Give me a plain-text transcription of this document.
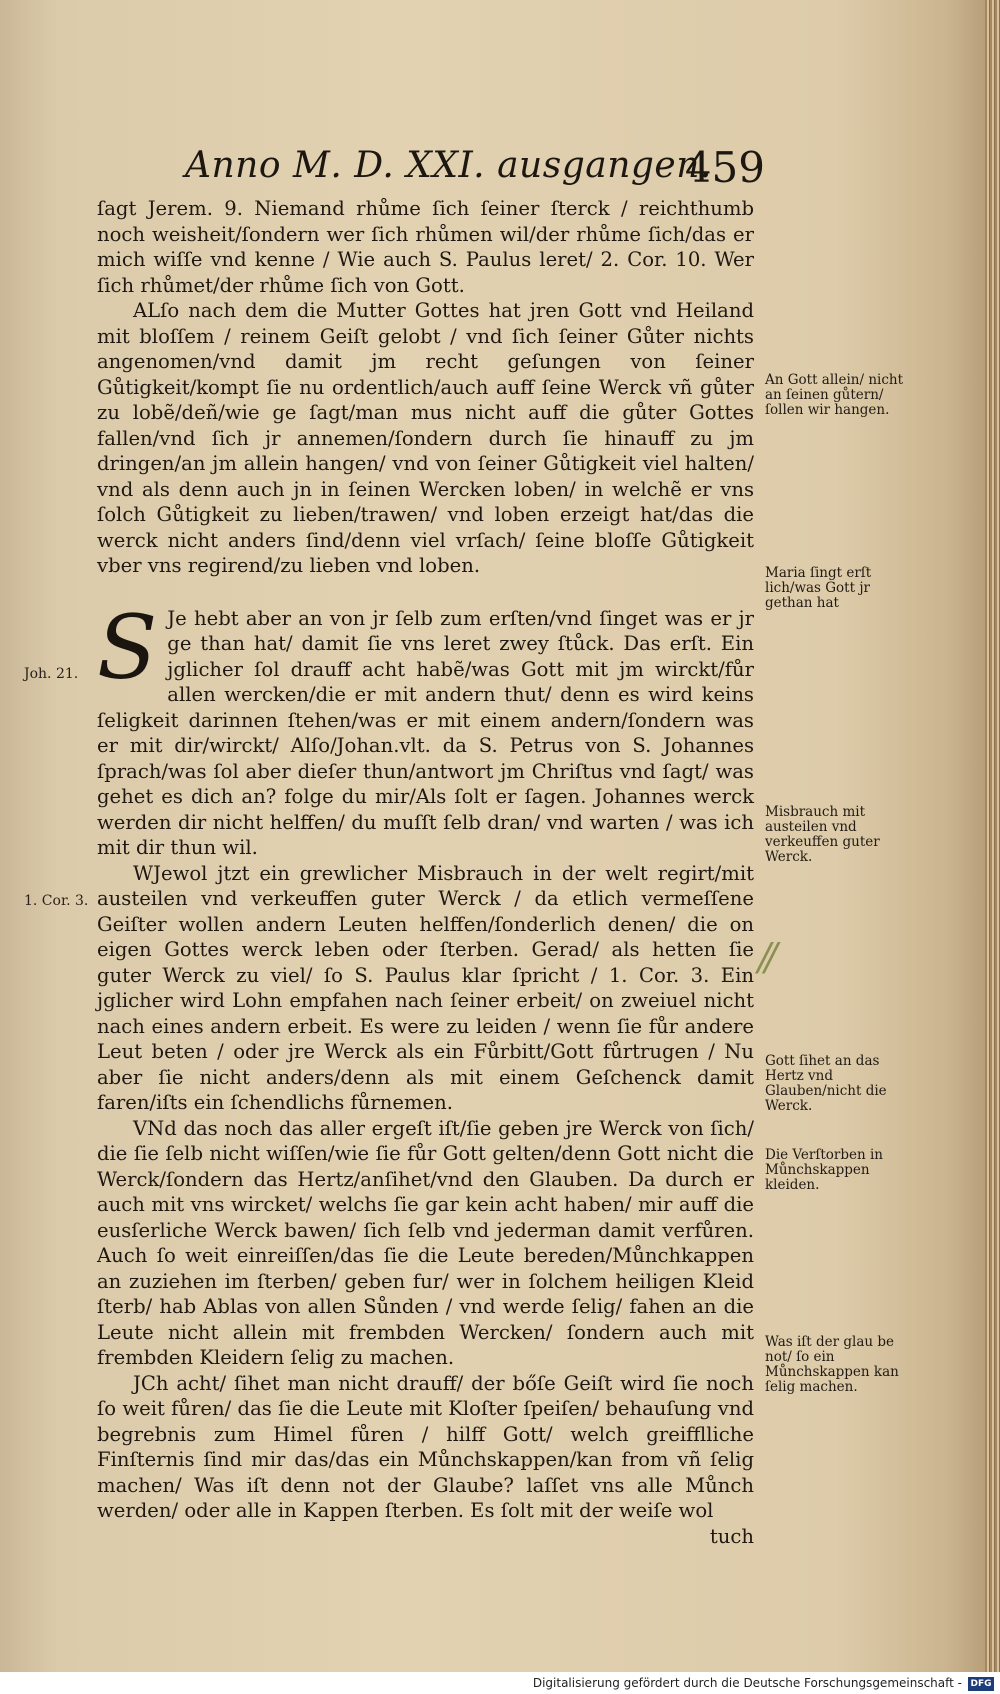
Anno M. D. XXI. ausgangen.
459

ſagt Jerem. 9. Niemand rhůme ſich ſeiner ſterck / reichthumb noch weisheit/ſondern wer ſich rhůmen wil/der rhůme ſich/das er mich wiſſe vnd kenne / Wie auch S. Paulus leret/ 2. Cor. 10. Wer ſich rhůmet/der rhůme ſich von Gott.

ALſo nach dem die Mutter Gottes hat jren Gott vnd Heiland mit bloſſem / reinem Geiſt gelobt / vnd ſich ſeiner Gůter nichts angenomen/vnd damit jm recht geſungen von ſeiner Gůtigkeit/kompt ſie nu ordentlich/auch auff ſeine Werck vñ gůter zu lobẽ/deñ/wie ge ſagt/man mus nicht auff die gůter Gottes fallen/vnd ſich jr annemen/ſondern durch ſie hinauff zu jm dringen/an jm allein hangen/ vnd von ſeiner Gůtigkeit viel halten/ vnd als denn auch jn in ſeinen Wercken loben/ in welchẽ er vns ſolch Gůtigkeit zu lieben/trawen/ vnd loben erzeigt hat/das die werck nicht anders ſind/denn viel vrſach/ ſeine bloſſe Gůtigkeit vber vns regirend/zu lieben vnd loben.

S Je hebt aber an von jr ſelb zum erſten/vnd ſinget was er jr ge than hat/ damit ſie vns leret zwey ſtůck. Das erſt. Ein jglicher ſol drauff acht habẽ/was Gott mit jm wirckt/fůr allen wercken/die er mit andern thut/ denn es wird keins ſeligkeit darinnen ſtehen/was er mit einem andern/ſondern was er mit dir/wirckt/ Alſo/Johan.vlt. da S. Petrus von S. Johannes ſprach/was ſol aber dieſer thun/antwort jm Chriſtus vnd ſagt/ was gehet es dich an? folge du mir/Als ſolt er ſagen. Johannes werck werden dir nicht helffen/ du muſſt ſelb dran/ vnd warten / was ich mit dir thun wil.

WJewol jtzt ein grewlicher Misbrauch in der welt regirt/mit austeilen vnd verkeuffen guter Werck / da etlich vermeſſene Geiſter wollen andern Leuten helffen/ſonderlich denen/ die on eigen Gottes werck leben oder ſterben. Gerad/ als hetten ſie guter Werck zu viel/ ſo S. Paulus klar ſpricht / 1. Cor. 3. Ein jglicher wird Lohn empfahen nach ſeiner erbeit/ on zweiuel nicht nach eines andern erbeit. Es were zu leiden / wenn ſie fůr andere Leut beten / oder jre Werck als ein Fůrbitt/Gott fůrtrugen / Nu aber ſie nicht anders/denn als mit einem Geſchenck damit faren/iſts ein ſchendlichs fůrnemen.

VNd das noch das aller ergeſt iſt/ſie geben jre Werck von ſich/ die ſie ſelb nicht wiſſen/wie ſie fůr Gott gelten/denn Gott nicht die Werck/ſondern das Hertz/anſihet/vnd den Glauben. Da durch er auch mit vns wircket/ welchs ſie gar kein acht haben/ mir auff die eusſerliche Werck bawen/ ſich ſelb vnd jederman damit verfůren. Auch ſo weit einreiſſen/das ſie die Leute bereden/Můnchkappen an zuziehen im ſterben/ geben fur/ wer in ſolchem heiligen Kleid ſterb/ hab Ablas von allen Sůnden / vnd werde ſelig/ fahen an die Leute nicht allein mit frembden Wercken/ ſondern auch mit frembden Kleidern ſelig zu machen.

JCh acht/ ſihet man nicht drauff/ der bőſe Geiſt wird ſie noch ſo weit fůren/ das ſie die Leute mit Kloſter ſpeiſen/ behauſung vnd begrebnis zum Himel fůren / hilff Gott/ welch greifflliche Finſternis ſind mir das/das ein Můnchskappen/kan from vñ ſelig machen/ Was iſt denn not der Glaube? laſſet vns alle Můnch werden/ oder alle in Kappen ſterben. Es ſolt mit der weiſe wol

tuch

An Gott allein/ nicht an ſeinen gůtern/ſollen wir hangen.
Maria ſingt erſt lich/was Gott jr gethan hat
Misbrauch mit austeilen vnd verkeuffen guter Werck.
Gott ſihet an das Hertz vnd Glauben/nicht die Werck.
Die Verſtorben in Můnchskappen kleiden.
Was iſt der glau be not/ ſo ein Můnchskappen kan ſelig machen.
Joh. 21.
1. Cor. 3.
//
Digitalisierung gefördert durch die Deutsche Forschungsgemeinschaft - DFG
